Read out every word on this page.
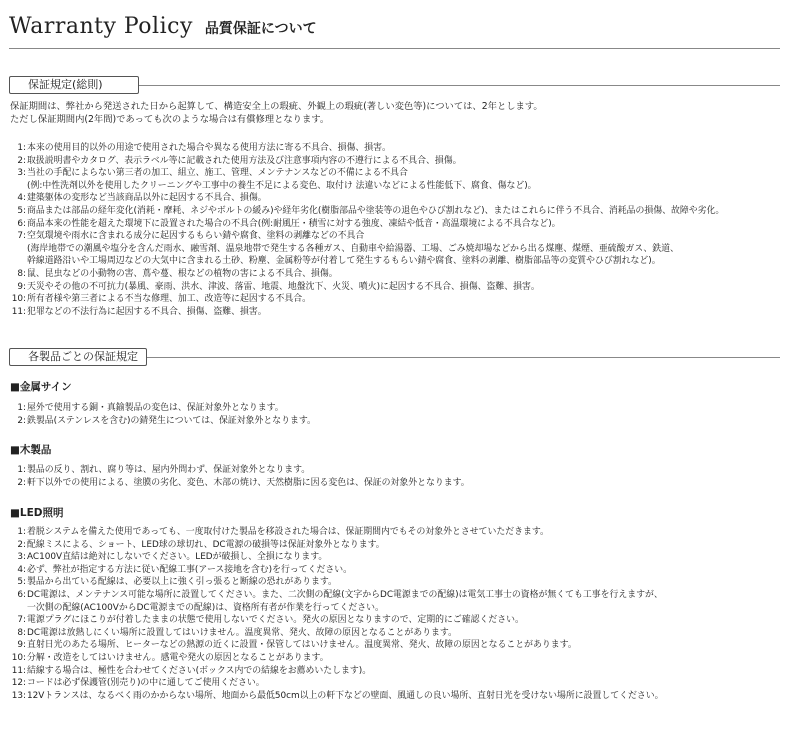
Warranty Policy 品質保証について
保証規定(総則)
保証期間は、弊社から発送された日から起算して、構造安全上の瑕疵、外観上の瑕疵(著しい変色等)については、2年とします。
ただし保証期間内(2年間)であっても次のような場合は有償修理となります。
1 : 本来の使用目的以外の用途で使用された場合や異なる使用方法に寄る不具合、損傷、損害。
2 : 取扱説明書やカタログ、表示ラベル等に記載された使用方法及び注意事項内容の不遵行による不具合、損傷。
3 : 当社の手配によらない第三者の加工、組立、施工、管理、メンテナンスなどの不備による不具合
(例:中性洗剤以外を使用したクリーニングや工事中の養生不足による変色、取付け 法違いなどによる性能低下、腐食、傷など)。
4 : 建築躯体の変形など当該商品以外に起因する不具合、損傷。
5 : 商品または部品の経年変化(消耗・摩耗、ネジやボルトの緩み)や経年劣化(樹脂部品や塗装等の退色やひび割れなど)、またはこれらに伴う不具合、消耗品の損傷、故障や劣化。
6 : 商品本来の性能を超えた環境下に設置された場合の不具合(例:耐風圧・積雪に対する強度、凍結や低音・高温環境による不具合など)。
7 : 空気環境や雨水に含まれる成分に起因するもらい錆や腐食、塗料の剥離などの不具合
(海岸地帯での潮風や塩分を含んだ雨水、融雪剤、温泉地帯で発生する各種ガス、自動車や給湯器、工場、ごみ焼却場などから出る煤塵、煤煙、亜硫酸ガス、鉄道、
幹線道路沿いや工場周辺などの大気中に含まれる土砂、粉塵、金属粉等が付着して発生するもらい錆や腐食、塗料の剥離、樹脂部品等の変質やひび割れなど)。
8 : 鼠、昆虫などの小動物の害、蔦や蔓、根などの植物の害による不具合、損傷。
9 : 天災やその他の不可抗力(暴風、豪雨、洪水、津波、落雷、地震、地盤沈下、火災、噴火)に起因する不具合、損傷、盗難、損害。
10 : 所有者様や第三者による不当な修理、加工、改造等に起因する不具合。
11 : 犯罪などの不法行為に起因する不具合、損傷、盗難、損害。
各製品ごとの保証規定
■金属サイン
1 : 屋外で使用する銅・真鍮製品の変色は、保証対象外となります。
2 : 鉄製品(ステンレスを含む)の錆発生については、保証対象外となります。
■木製品
1 : 製品の反り、割れ、腐り等は、屋内外問わず、保証対象外となります。
2 : 軒下以外での使用による、塗膜の劣化、変色、木部の焼け、天然樹脂に因る変色は、保証の対象外となります。
■LED照明
1 : 着脱システムを備えた使用であっても、一度取付けた製品を移設された場合は、保証期間内でもその対象外とさせていただきます。
2 : 配線ミスによる、ショート、LED球の球切れ、DC電源の破損等は保証対象外となります。
3 : AC100V直結は絶対にしないでください。LEDが破損し、全損になります。
4 : 必ず、弊社が指定する方法に従い配線工事(アース接地を含む)を行ってください。
5 : 製品から出ている配線は、必要以上に強く引っ張ると断線の恐れがあります。
6 : DC電源は、メンテナンス可能な場所に設置してください。また、二次側の配線(文字からDC電源までの配線)は電気工事士の資格が無くても工事を行えますが、
一次側の配線(AC100VからDC電源までの配線)は、資格所有者が作業を行ってください。
7 : 電源プラグにほこりが付着したままの状態で使用しないでください。発火の原因となりますので、定期的にご確認ください。
8 : DC電源は放熱しにくい場所に設置してはいけません。温度異常、発火、故障の原因となることがあります。
9 : 直射日光のあたる場所、ヒーターなどの熱源の近くに設置・保管してはいけません。温度異常、発火、故障の原因となることがあります。
10 : 分解・改造をしてはいけません。感電や発火の原因となることがあります。
11 : 結線する場合は、極性を合わせてください(ボックス内での結線をお薦めいたします)。
12 : コードは必ず保護管(別売り)の中に通してご使用ください。
13 : 12Vトランスは、なるべく雨のかからない場所、地面から最低50cm以上の軒下などの壁面、風通しの良い場所、直射日光を受けない場所に設置してください。
